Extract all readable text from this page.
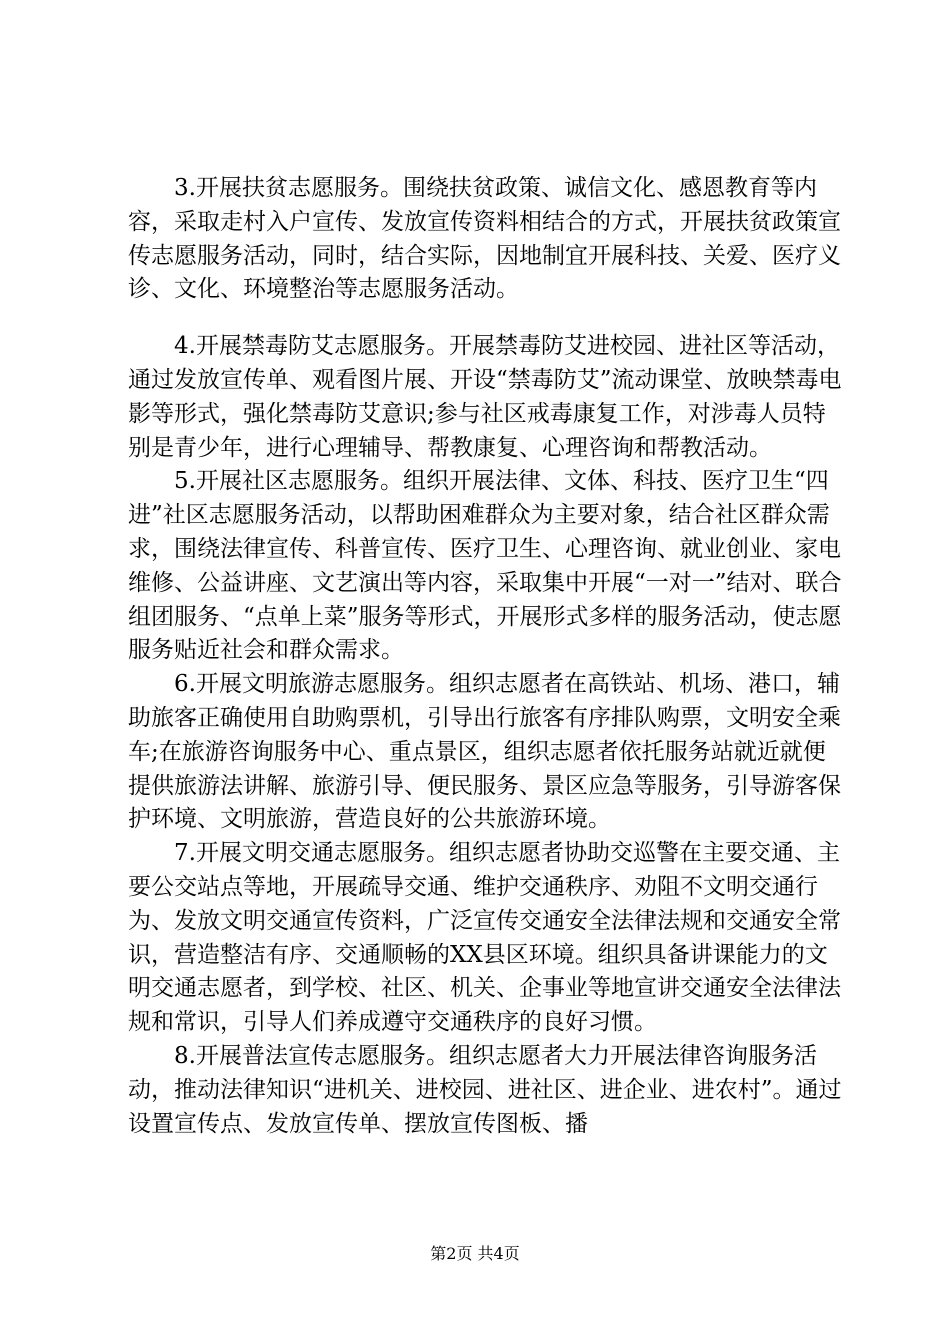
3.开展扶贫志愿服务。围绕扶贫政策、诚信文化、感恩教育等内容，采取走村入户宣传、发放宣传资料相结合的方式，开展扶贫政策宣传志愿服务活动，同时，结合实际，因地制宜开展科技、关爱、医疗义诊、文化、环境整治等志愿服务活动。

4.开展禁毒防艾志愿服务。开展禁毒防艾进校园、进社区等活动，通过发放宣传单、观看图片展、开设“禁毒防艾”流动课堂、放映禁毒电影等形式，强化禁毒防艾意识;参与社区戒毒康复工作，对涉毒人员特别是青少年，进行心理辅导、帮教康复、心理咨询和帮教活动。

5.开展社区志愿服务。组织开展法律、文体、科技、医疗卫生“四进”社区志愿服务活动，以帮助困难群众为主要对象，结合社区群众需求，围绕法律宣传、科普宣传、医疗卫生、心理咨询、就业创业、家电维修、公益讲座、文艺演出等内容，采取集中开展“一对一”结对、联合组团服务、“点单上菜”服务等形式，开展形式多样的服务活动，使志愿服务贴近社会和群众需求。

6.开展文明旅游志愿服务。组织志愿者在高铁站、机场、港口，辅助旅客正确使用自助购票机，引导出行旅客有序排队购票，文明安全乘车;在旅游咨询服务中心、重点景区，组织志愿者依托服务站就近就便提供旅游法讲解、旅游引导、便民服务、景区应急等服务，引导游客保护环境、文明旅游，营造良好的公共旅游环境。

7.开展文明交通志愿服务。组织志愿者协助交巡警在主要交通、主要公交站点等地，开展疏导交通、维护交通秩序、劝阻不文明交通行为、发放文明交通宣传资料，广泛宣传交通安全法律法规和交通安全常识，营造整洁有序、交通顺畅的XX县区环境。组织具备讲课能力的文明交通志愿者，到学校、社区、机关、企事业等地宣讲交通安全法律法规和常识，引导人们养成遵守交通秩序的良好习惯。

8.开展普法宣传志愿服务。组织志愿者大力开展法律咨询服务活动，推动法律知识“进机关、进校园、进社区、进企业、进农村”。通过设置宣传点、发放宣传单、摆放宣传图板、播

第2页 共4页
